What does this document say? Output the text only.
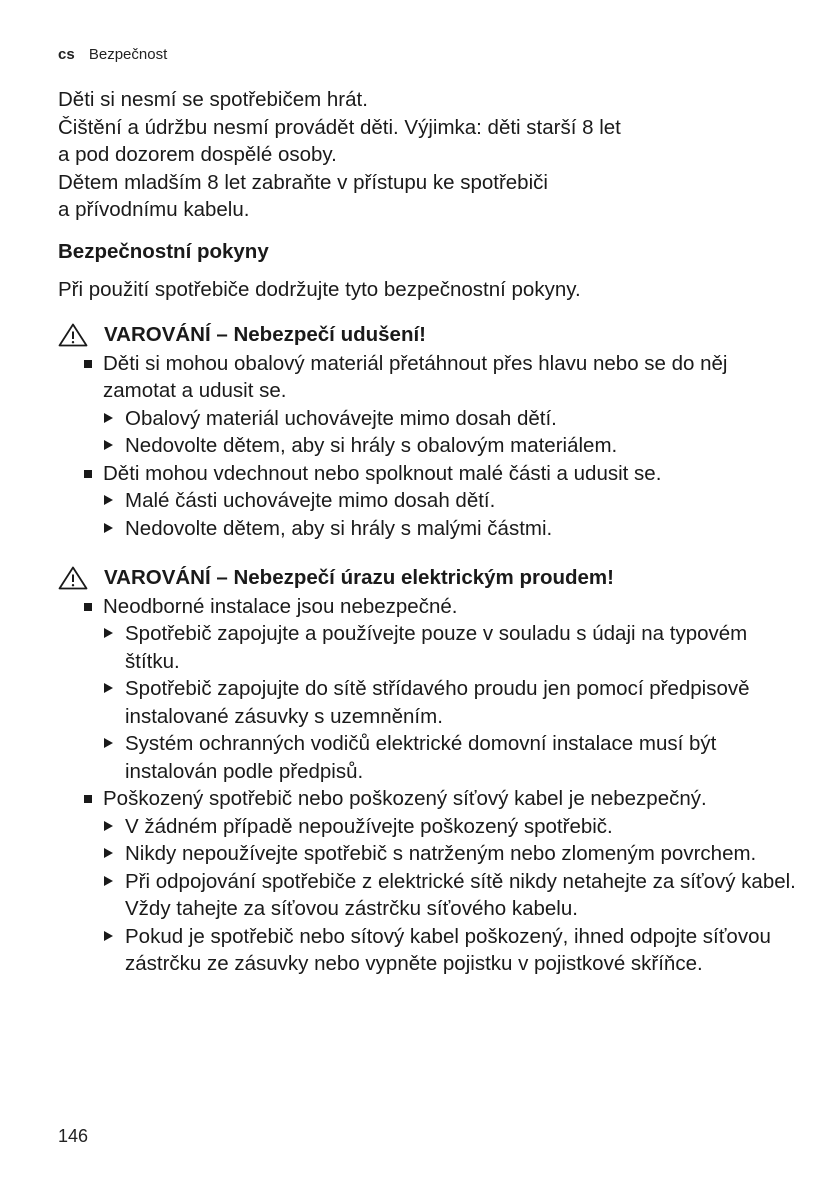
cs Bezpečnost
Děti si nesmí se spotřebičem hrát.
Čištění a údržbu nesmí provádět děti. Výjimka: děti starší 8 let
a pod dozorem dospělé osoby.
Dětem mladším 8 let zabraňte v přístupu ke spotřebiči
a přívodnímu kabelu.
Bezpečnostní pokyny

Při použití spotřebiče dodržujte tyto bezpečnostní pokyny.

VAROVÁNÍ – Nebezpečí udušení!
Děti si mohou obalový materiál přetáhnout přes hlavu nebo se do něj zamotat a udusit se.
Obalový materiál uchovávejte mimo dosah dětí.
Nedovolte dětem, aby si hrály s obalovým materiálem.
Děti mohou vdechnout nebo spolknout malé části a udusit se.
Malé části uchovávejte mimo dosah dětí.
Nedovolte dětem, aby si hrály s malými částmi.
VAROVÁNÍ – Nebezpečí úrazu elektrickým proudem!
Neodborné instalace jsou nebezpečné.
Spotřebič zapojujte a používejte pouze v souladu s údaji na typovém štítku.
Spotřebič zapojujte do sítě střídavého proudu jen pomocí předpisově instalované zásuvky s uzemněním.
Systém ochranných vodičů elektrické domovní instalace musí být instalován podle předpisů.
Poškozený spotřebič nebo poškozený síťový kabel je nebezpečný.
V žádném případě nepoužívejte poškozený spotřebič.
Nikdy nepoužívejte spotřebič s natrženým nebo zlomeným povrchem.
Při odpojování spotřebiče z elektrické sítě nikdy netahejte za síťový kabel. Vždy tahejte za síťovou zástrčku síťového kabelu.
Pokud je spotřebič nebo sítový kabel poškozený, ihned odpojte síťovou zástrčku ze zásuvky nebo vypněte pojistku v pojistkové skříňce.
146
